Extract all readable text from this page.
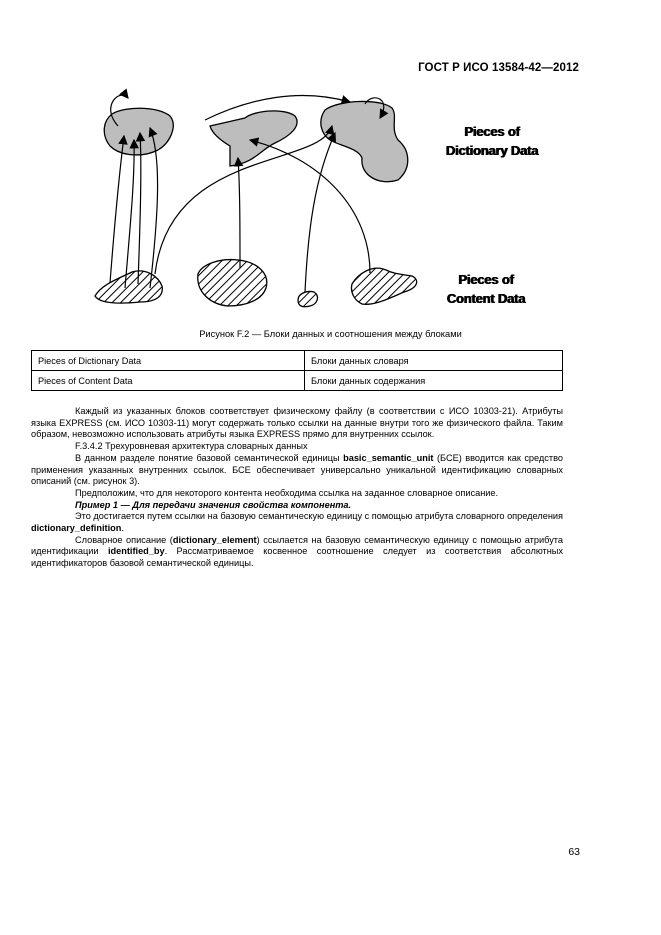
ГОСТ Р ИСО 13584-42—2012
Pieces of
Dictionary Data
Pieces of
Content Data
Рисунок F.2 — Блоки данных и соотношения между блоками
Pieces of Dictionary Data	Блоки данных словаря
Pieces of Content Data	Блоки данных содержания

Каждый из указанных блоков соответствует физическому файлу (в соответствии с ИСО 10303-21). Атрибуты языка EXPRESS (см. ИСО 10303-11) могут содержать только ссылки на данные внутри того же физического файла. Таким образом, невозможно использовать атрибуты языка EXPRESS прямо для внутренних ссылок.

F.3.4.2 Трехуровневая архитектура словарных данных

В данном разделе понятие базовой семантической единицы basic_semantic_unit (БСЕ) вводится как средство применения указанных внутренних ссылок. БСЕ обеспечивает универсально уникальной идентификацию словарных описаний (см. рисунок 3).

Предположим, что для некоторого контента необходима ссылка на заданное словарное описание.

Пример 1 — Для передачи значения свойства компонента.

Это достигается путем ссылки на базовую семантическую единицу с помощью атрибута словарного определения dictionary_definition.

Словарное описание (dictionary_element) ссылается на базовую семантическую единицу с помощью атрибута идентификации identified_by. Рассматриваемое косвенное соотношение следует из соответствия абсолютных идентификаторов базовой семантической единицы.

63
